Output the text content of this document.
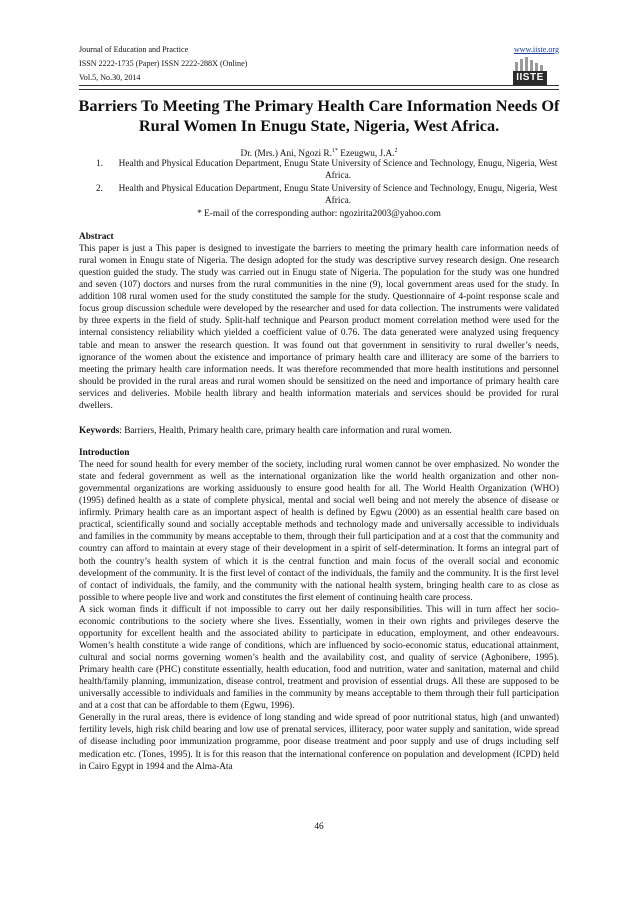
Journal of Education and Practice
ISSN 2222-1735 (Paper) ISSN 2222-288X (Online)
Vol.5, No.30, 2014
www.iiste.org
IISTE
Barriers To Meeting The Primary Health Care Information Needs Of Rural Women In Enugu State, Nigeria, West Africa.
Dr. (Mrs.) Ani, Ngozi R.$^{1*}$ Ezeugwu, J.A.$^2$
1. Health and Physical Education Department, Enugu State University of Science and Technology, Enugu, Nigeria, West Africa.
2. Health and Physical Education Department, Enugu State University of Science and Technology, Enugu, Nigeria, West Africa.
* E-mail of the corresponding author: ngozirita2003@yahoo.com
Abstract
This paper is just a This paper is designed to investigate the barriers to meeting the primary health care information needs of rural women in Enugu state of Nigeria. The design adopted for the study was descriptive survey research design. One research question guided the study. The study was carried out in Enugu state of Nigeria. The population for the study was one hundred and seven (107) doctors and nurses from the rural communities in the nine (9), local government areas used for the study. In addition 108 rural women used for the study constituted the sample for the study. Questionnaire of 4-point response scale and focus group discussion schedule were developed by the researcher and used for data collection. The instruments were validated by three experts in the field of study. Split-half technique and Pearson product moment correlation method were used for the internal consistency reliability which yielded a coefficient value of 0.76. The data generated were analyzed using frequency table and mean to answer the research question. It was found out that government in sensitivity to rural dweller’s needs, ignorance of the women about the existence and importance of primary health care and illiteracy are some of the barriers to meeting the primary health care information needs. It was therefore recommended that more health institutions and personnel should be provided in the rural areas and rural women should be sensitized on the need and importance of primary health care services and deliveries. Mobile health library and health information materials and services should be provided for rural dwellers.
Keywords: Barriers, Health, Primary health care, primary health care information and rural women.
Introduction
The need for sound health for every member of the society, including rural women cannot be over emphasized. No wonder the state and federal government as well as the international organization like the world health organization and other non-governmental organizations are working assiduously to ensure good health for all. The World Health Organization (WHO) (1995) defined health as a state of complete physical, mental and social well being and not merely the absence of disease or infirmly. Primary health care as an important aspect of health is defined by Egwu (2000) as an essential health care based on practical, scientifically sound and socially acceptable methods and technology made and universally accessible to individuals and families in the community by means acceptable to them, through their full participation and at a cost that the community and country can afford to maintain at every stage of their development in a spirit of self-determination. It forms an integral part of both the country’s health system of which it is the central function and main focus of the overall social and economic development of the community. It is the first level of contact of the individuals, the family and the community. It is the first level of contact of individuals, the family, and the community with the national health system, bringing health care to as close as possible to where people live and work and constitutes the first element of continuing health care process.
A sick woman finds it difficult if not impossible to carry out her daily responsibilities. This will in turn affect her socio-economic contributions to the society where she lives. Essentially, women in their own rights and privileges deserve the opportunity for excellent health and the associated ability to participate in education, employment, and other endeavours. Women’s health constitute a wide range of conditions, which are influenced by socio-economic status, educational attainment, cultural and social norms governing women’s health and the availability cost, and quality of service (Agbonibere, 1995). Primary health care (PHC) constitute essentially, health education, food and nutrition, water and sanitation, maternal and child health/family planning, immunization, disease control, treatment and provision of essential drugs. All these are supposed to be universally accessible to individuals and families in the community by means acceptable to them through their full participation and at a cost that can be affordable to them (Egwu, 1996).
Generally in the rural areas, there is evidence of long standing and wide spread of poor nutritional status, high (and unwanted) fertility levels, high risk child bearing and low use of prenatal services, illiteracy, poor water supply and sanitation, wide spread of disease including poor immunization programme, poor disease treatment and poor supply and use of drugs including self medication etc. (Tones, 1995). It is for this reason that the international conference on population and development (ICPD) held in Cairo Egypt in 1994 and the Alma-Ata
46
